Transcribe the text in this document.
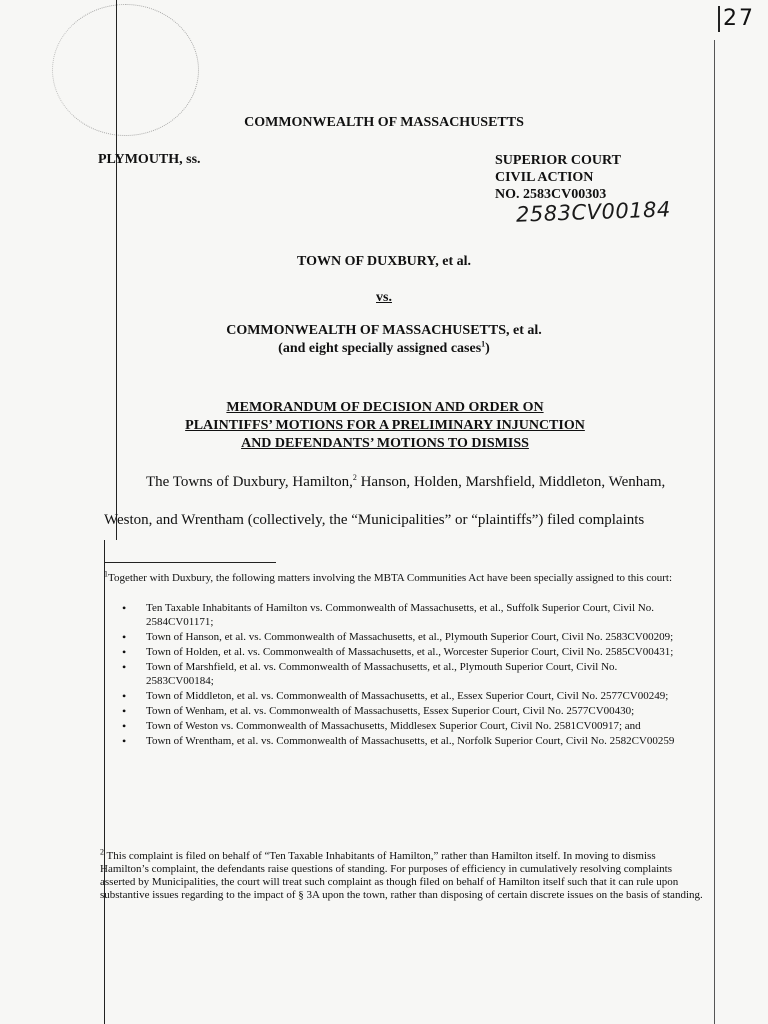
27
COMMONWEALTH OF MASSACHUSETTS
PLYMOUTH, ss.	SUPERIOR COURT
CIVIL ACTION
NO. 2583CV00303
2583CV00184
TOWN OF DUXBURY, et al.
vs.
COMMONWEALTH OF MASSACHUSETTS, et al.
(and eight specially assigned cases$^1$)
MEMORANDUM OF DECISION AND ORDER ON
PLAINTIFFS’ MOTIONS FOR A PRELIMINARY INJUNCTION
AND DEFENDANTS’ MOTIONS TO DISMISS
The Towns of Duxbury, Hamilton,$^2$ Hanson, Holden, Marshfield, Middleton, Wenham,
Weston, and Wrentham (collectively, the “Municipalities” or “plaintiffs”) filed complaints
$^1$Together with Duxbury, the following matters involving the MBTA Communities Act have been specially assigned to this court:
• Ten Taxable Inhabitants of Hamilton vs. Commonwealth of Massachusetts, et al., Suffolk Superior Court, Civil No. 2584CV01171;
• Town of Hanson, et al. vs. Commonwealth of Massachusetts, et al., Plymouth Superior Court, Civil No. 2583CV00209;
• Town of Holden, et al. vs. Commonwealth of Massachusetts, et al., Worcester Superior Court, Civil No. 2585CV00431;
• Town of Marshfield, et al. vs. Commonwealth of Massachusetts, et al., Plymouth Superior Court, Civil No. 2583CV00184;
• Town of Middleton, et al. vs. Commonwealth of Massachusetts, et al., Essex Superior Court, Civil No. 2577CV00249;
• Town of Wenham, et al. vs. Commonwealth of Massachusetts, Essex Superior Court, Civil No. 2577CV00430;
• Town of Weston vs. Commonwealth of Massachusetts, Middlesex Superior Court, Civil No. 2581CV00917; and
• Town of Wrentham, et al. vs. Commonwealth of Massachusetts, et al., Norfolk Superior Court, Civil No. 2582CV00259
$^2$ This complaint is filed on behalf of “Ten Taxable Inhabitants of Hamilton,” rather than Hamilton itself. In moving to dismiss Hamilton’s complaint, the defendants raise questions of standing. For purposes of efficiency in cumulatively resolving complaints asserted by Municipalities, the court will treat such complaint as though filed on behalf of Hamilton itself such that it can rule upon substantive issues regarding to the impact of § 3A upon the town, rather than disposing of certain discrete issues on the basis of standing.
